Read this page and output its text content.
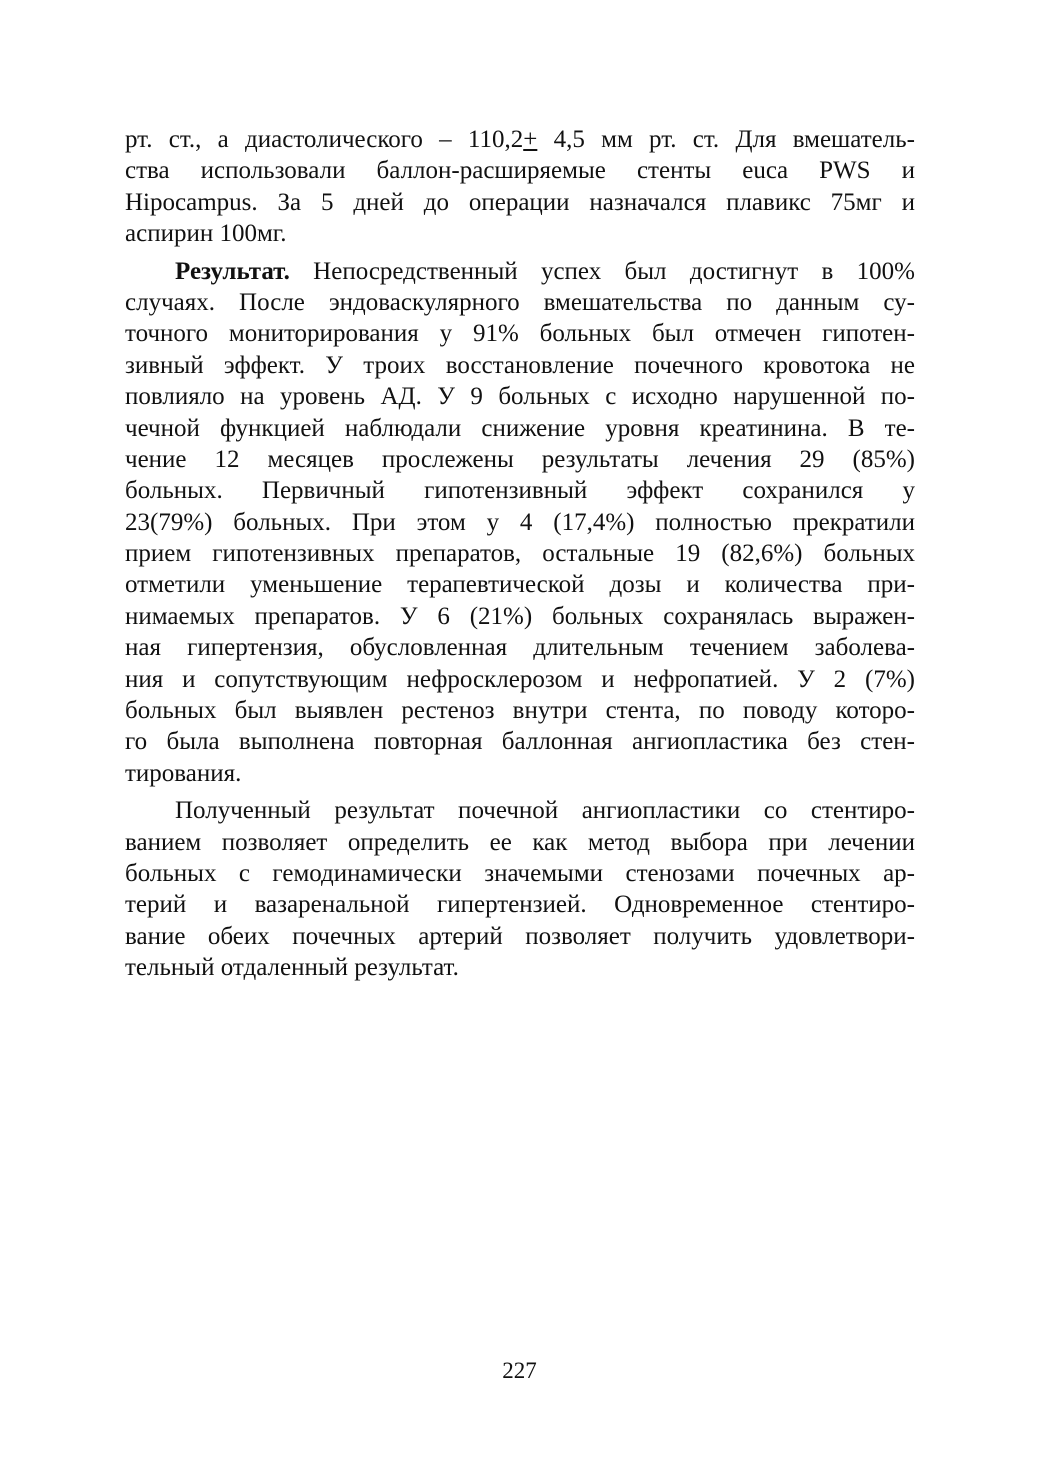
рт. ст., а диастолического – 110,2+ 4,5 мм рт. ст. Для вмешатель-
ства использовали баллон-расширяемые стенты euca PWS и
Hipocampus. За 5 дней до операции назначался плавикс 75мг и
аспирин 100мг.
Результат. Непосредственный успех был достигнут в 100%
случаях. После эндоваскулярного вмешательства по данным су-
точного мониторирования у 91% больных был отмечен гипотен-
зивный эффект. У троих восстановление почечного кровотока не
повлияло на уровень АД. У 9 больных с исходно нарушенной по-
чечной функцией наблюдали снижение уровня креатинина. В те-
чение 12 месяцев прослежены результаты лечения 29 (85%)
больных. Первичный гипотензивный эффект сохранился у
23(79%) больных. При этом у 4 (17,4%) полностью прекратили
прием гипотензивных препаратов, остальные 19 (82,6%) больных
отметили уменьшение терапевтической дозы и количества при-
нимаемых препаратов. У 6 (21%) больных сохранялась выражен-
ная гипертензия, обусловленная длительным течением заболева-
ния и сопутствующим нефросклерозом и нефропатией. У 2 (7%)
больных был выявлен рестеноз внутри стента, по поводу которо-
го была выполнена повторная баллонная ангиопластика без стен-
тирования.
Полученный результат почечной ангиопластики со стентиро-
ванием позволяет определить ее как метод выбора при лечении
больных с гемодинамически значемыми стенозами почечных ар-
терий и вазаренальной гипертензией. Одновременное стентиро-
вание обеих почечных артерий позволяет получить удовлетвори-
тельный отдаленный результат.
227
